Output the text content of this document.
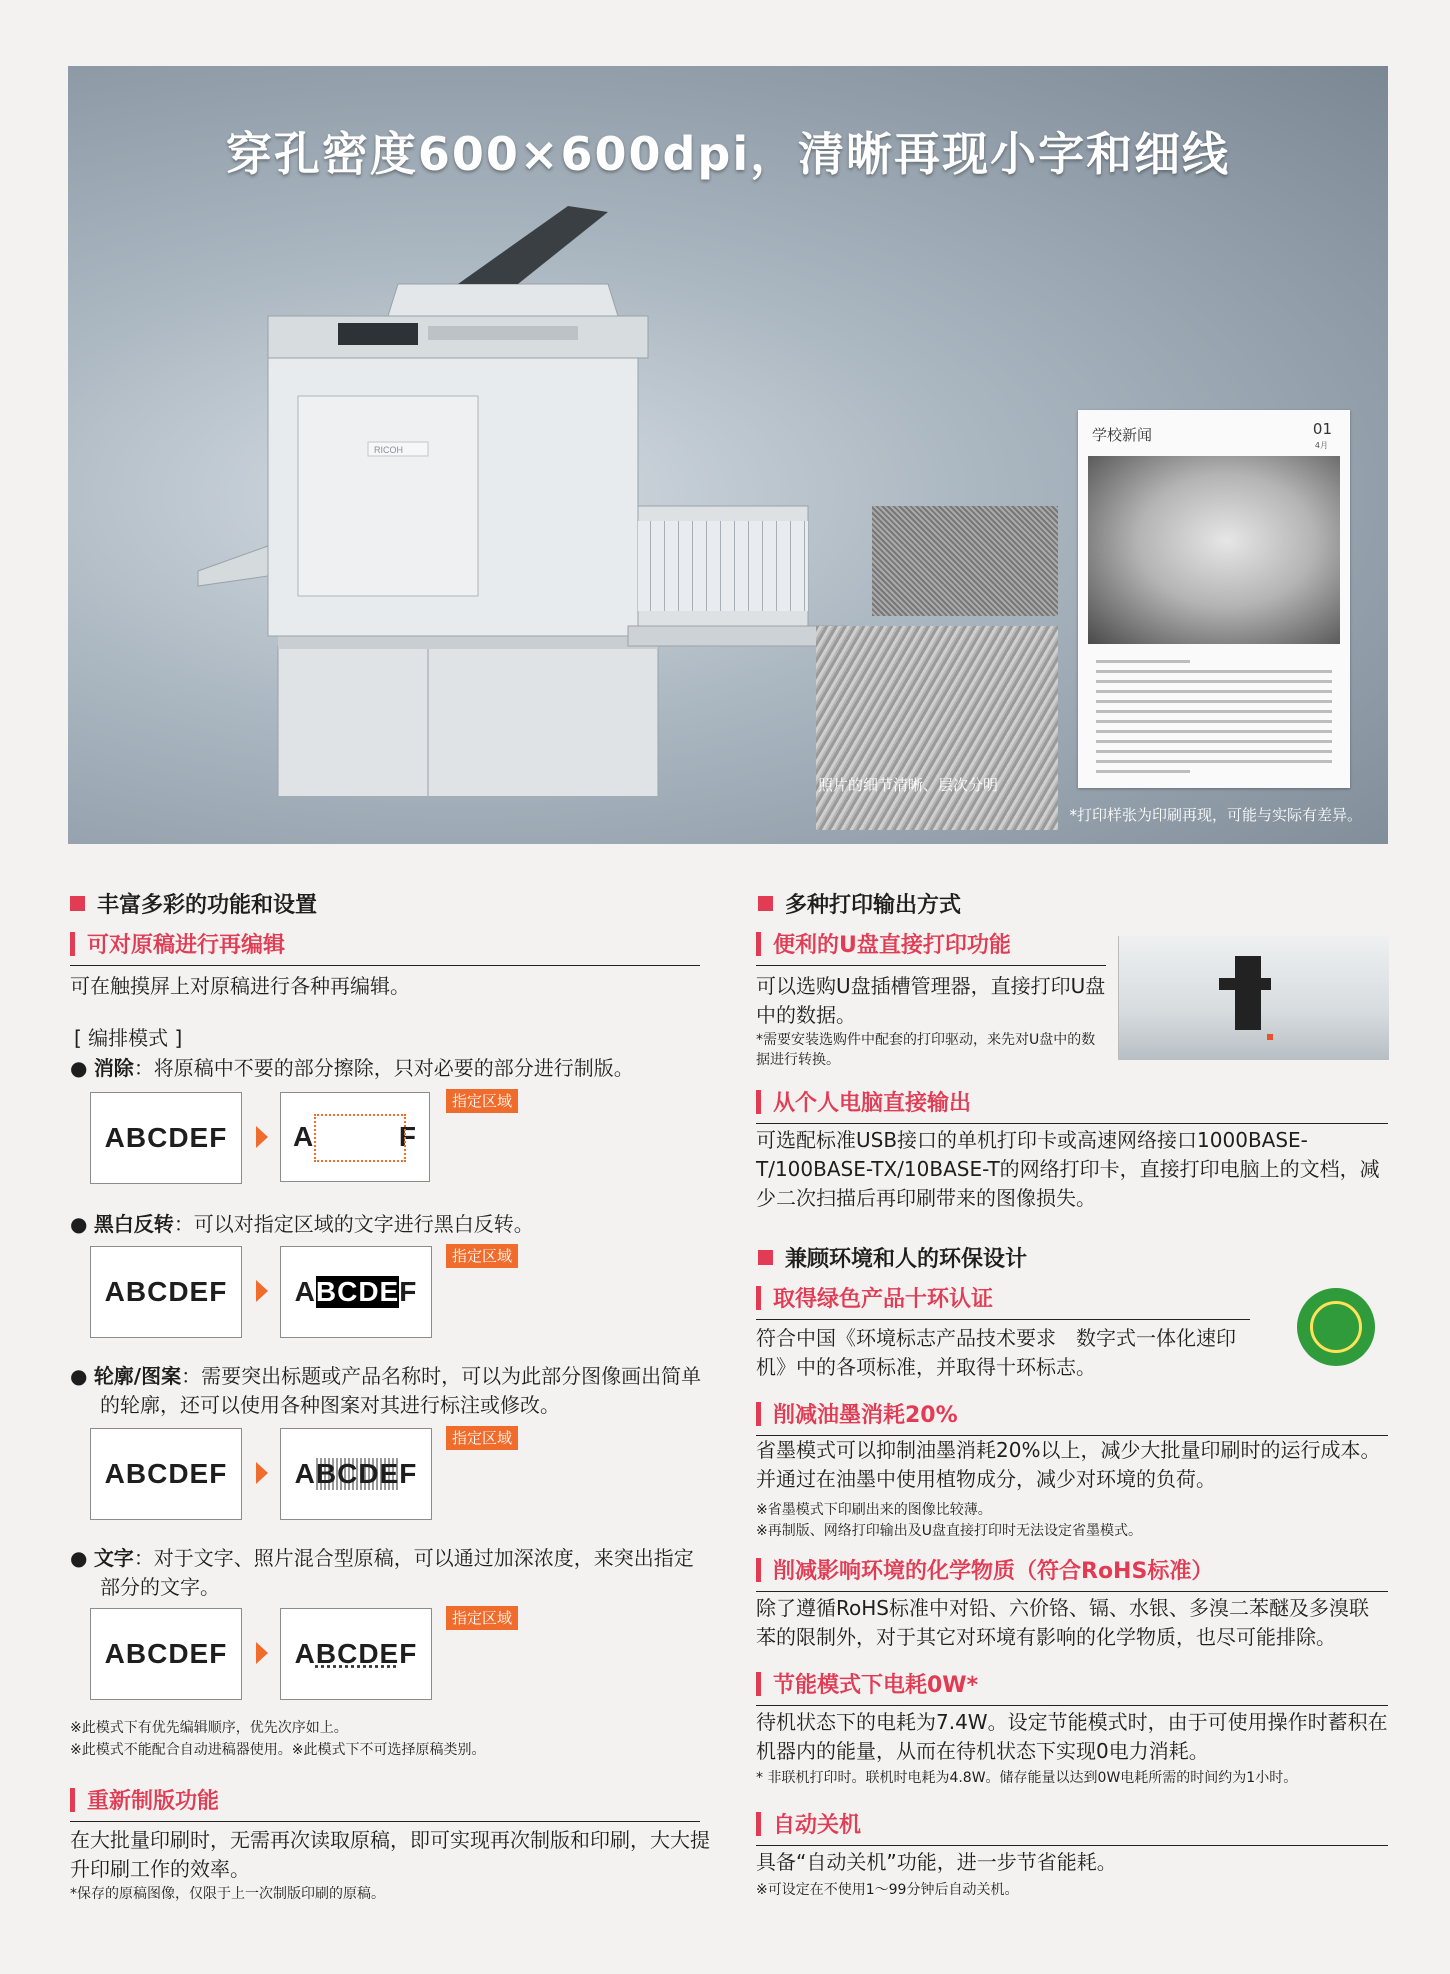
穿孔密度600×600dpi，清晰再现小字和细线
RICOH
照片的细节清晰、层次分明
学校新闻	01
4月
*打印样张为印刷再现，可能与实际有差异。
丰富多彩的功能和设置
可对原稿进行再编辑
可在触摸屏上对原稿进行各种再编辑。
[ 编排模式 ]
● 消除：将原稿中不要的部分擦除，只对必要的部分进行制版。
ABCDEF	A	F
指定区域
● 黑白反转：可以对指定区域的文字进行黑白反转。
ABCDEF	A BCDE F
指定区域
● 轮廓/图案：需要突出标题或产品名称时，可以为此部分图像画出简单的轮廓，还可以使用各种图案对其进行标注或修改。
ABCDEF	A BCDE F
指定区域
● 文字：对于文字、照片混合型原稿，可以通过加深浓度，来突出指定部分的文字。
ABCDEF	A BCDE F
指定区域
※此模式下有优先编辑顺序，优先次序如上。
※此模式不能配合自动进稿器使用。※此模式下不可选择原稿类别。
重新制版功能
在大批量印刷时，无需再次读取原稿，即可实现再次制版和印刷，大大提升印刷工作的效率。
*保存的原稿图像，仅限于上一次制版印刷的原稿。
多种打印输出方式
便利的U盘直接打印功能
可以选购U盘插槽管理器，直接打印U盘中的数据。
*需要安装选购件中配套的打印驱动，来先对U盘中的数据进行转换。
从个人电脑直接输出
可选配标准USB接口的单机打印卡或高速网络接口1000BASE-T/100BASE-TX/10BASE-T的网络打印卡，直接打印电脑上的文档，减少二次扫描后再印刷带来的图像损失。
兼顾环境和人的环保设计
取得绿色产品十环认证
符合中国《环境标志产品技术要求　数字式一体化速印机》中的各项标准，并取得十环标志。
削减油墨消耗20%
省墨模式可以抑制油墨消耗20%以上，减少大批量印刷时的运行成本。并通过在油墨中使用植物成分，减少对环境的负荷。
※省墨模式下印刷出来的图像比较薄。
※再制版、网络打印输出及U盘直接打印时无法设定省墨模式。
削减影响环境的化学物质（符合RoHS标准）
除了遵循RoHS标准中对铅、六价铬、镉、水银、多溴二苯醚及多溴联苯的限制外，对于其它对环境有影响的化学物质，也尽可能排除。
节能模式下电耗0W*
待机状态下的电耗为7.4W。设定节能模式时，由于可使用操作时蓄积在机器内的能量，从而在待机状态下实现0电力消耗。
* 非联机打印时。联机时电耗为4.8W。储存能量以达到0W电耗所需的时间约为1小时。
自动关机
具备“自动关机”功能，进一步节省能耗。
※可设定在不使用1～99分钟后自动关机。
